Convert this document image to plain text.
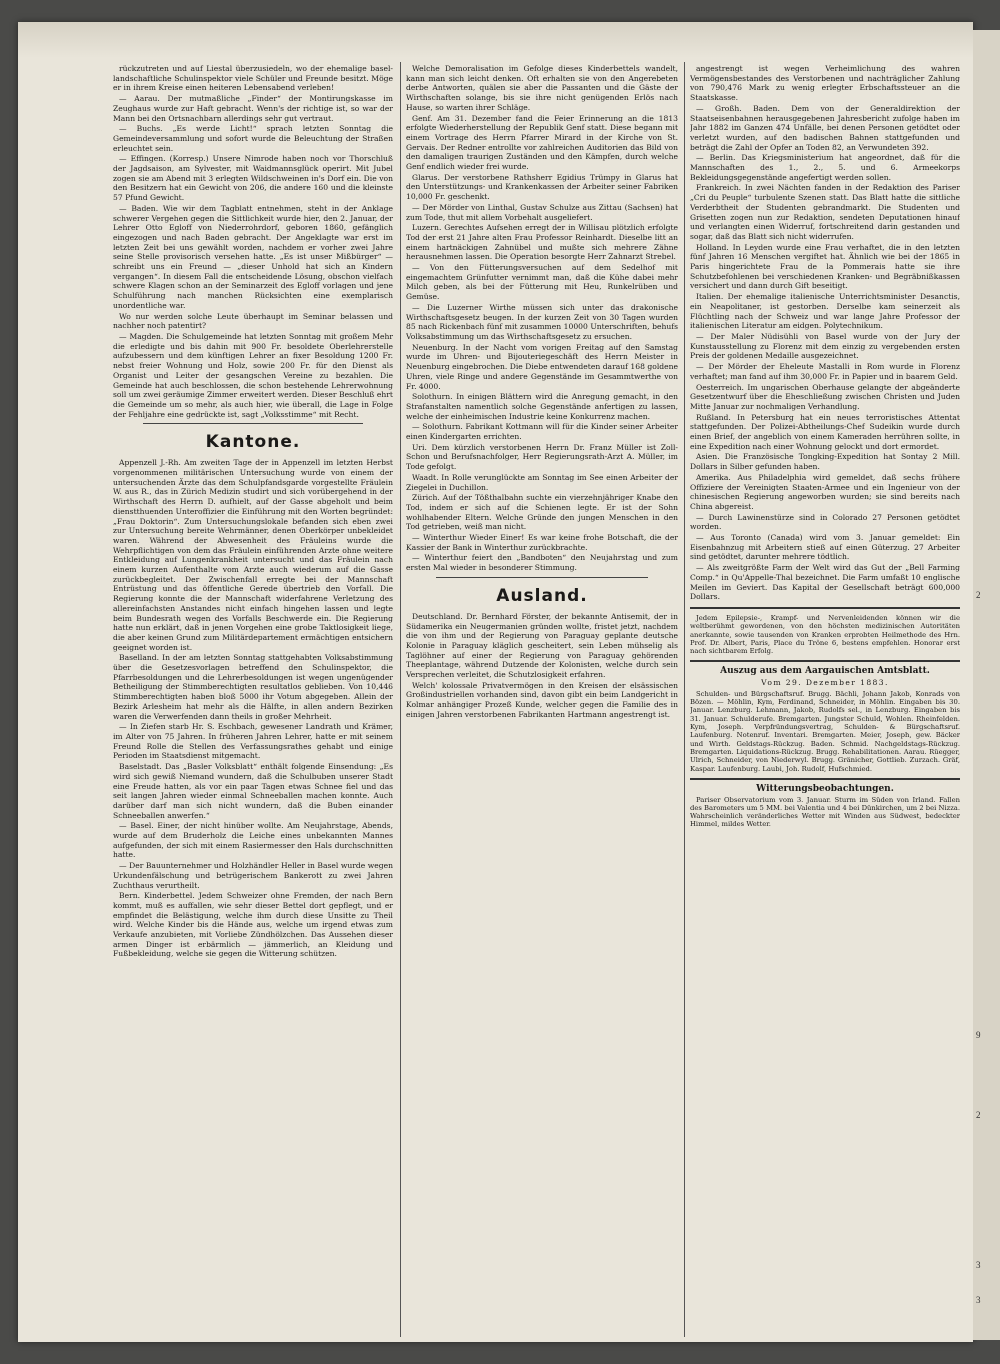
rückzutreten und auf Liestal überzusiedeln, wo der ehemalige basel-landschaftliche Schulinspektor viele Schüler und Freunde besitzt. Möge er in ihrem Kreise einen heiteren Lebensabend verleben!

— Aarau. Der mutmaßliche „Finder“ der Montirungskasse im Zeughaus wurde zur Haft gebracht. Wenn's der richtige ist, so war der Mann bei den Ortsnachbarn allerdings sehr gut vertraut.

— Buchs. „Es werde Licht!“ sprach letzten Sonntag die Gemeindeversammlung und sofort wurde die Beleuchtung der Straßen erleuchtet sein.

— Effingen. (Korresp.) Unsere Nimrode haben noch vor Thorschluß der Jagdsaison, am Sylvester, mit Waidmannsglück operirt. Mit Jubel zogen sie am Abend mit 3 erlegten Wildschweinen in's Dorf ein. Die von den Besitzern hat ein Gewicht von 206, die andere 160 und die kleinste 57 Pfund Gewicht.

— Baden. Wie wir dem Tagblatt entnehmen, steht in der Anklage schwerer Vergehen gegen die Sittlichkeit wurde hier, den 2. Januar, der Lehrer Otto Egloff von Niederrohrdorf, geboren 1860, gefänglich eingezogen und nach Baden gebracht. Der Angeklagte war erst im letzten Zeit bei uns gewählt worden, nachdem er vorher zwei Jahre seine Stelle provisorisch versehen hatte. „Es ist unser Mißbürger“ — schreibt uns ein Freund — „dieser Unhold hat sich an Kindern vergangen“. In diesem Fall die entscheidende Lösung, obschon vielfach schwere Klagen schon an der Seminarzeit des Egloff vorlagen und jene Schulführung nach manchen Rücksichten eine exemplarisch unordentliche war.

Wo nur werden solche Leute überhaupt im Seminar belassen und nachher noch patentirt?

— Magden. Die Schulgemeinde hat letzten Sonntag mit großem Mehr die erledigte und bis dahin mit 900 Fr. besoldete Oberlehrerstelle aufzubessern und dem künftigen Lehrer an fixer Besoldung 1200 Fr. nebst freier Wohnung und Holz, sowie 200 Fr. für den Dienst als Organist und Leiter der gesangschen Vereine zu bezahlen. Die Gemeinde hat auch beschlossen, die schon bestehende Lehrerwohnung soll um zwei geräumige Zimmer erweitert werden. Dieser Beschluß ehrt die Gemeinde um so mehr, als auch hier, wie überall, die Lage in Folge der Fehljahre eine gedrückte ist, sagt „Volksstimme“ mit Recht.

Kantone.

Appenzell J.-Rh. Am zweiten Tage der in Appenzell im letzten Herbst vorgenommenen militärischen Untersuchung wurde von einem der untersuchenden Ärzte das dem Schulpfandsgarde vorgestellte Fräulein W. aus R., das in Zürich Medizin studirt und sich vorübergehend in der Wirthschaft des Herrn D. aufhielt, auf der Gasse abgeholt und beim dienstthuenden Unteroffizier die Einführung mit den Worten begründet: „Frau Doktorin“. Zum Untersuchungslokale befanden sich eben zwei zur Untersuchung bereite Wehrmänner, denen Oberkörper unbekleidet waren. Während der Abwesenheit des Fräuleins wurde die Wehrpflichtigen von dem das Fräulein einführenden Arzte ohne weitere Entkleidung auf Lungenkrankheit untersucht und das Fräulein nach einem kurzen Aufenthalte vom Arzte auch wiederum auf die Gasse zurückbegleitet. Der Zwischenfall erregte bei der Mannschaft Entrüstung und das öffentliche Gerede übertrieb den Vorfall. Die Regierung konnte die der Mannschaft widerfahrene Verletzung des allereinfachsten Anstandes nicht einfach hingehen lassen und legte beim Bundesrath wegen des Vorfalls Beschwerde ein. Die Regierung hatte nun erklärt, daß in jenen Vorgehen eine grobe Taktlosigkeit liege, die aber keinen Grund zum Militärdepartement ermächtigen entsichern geeignet worden ist.

Baselland. In der am letzten Sonntag stattgehabten Volksabstimmung über die Gesetzesvorlagen betreffend den Schulinspektor, die Pfarrbesoldungen und die Lehrerbesoldungen ist wegen ungenügender Betheiligung der Stimmberechtigten resultatlos geblieben. Von 10,446 Stimmberechtigten haben bloß 5000 ihr Votum abgegeben. Allein der Bezirk Arlesheim hat mehr als die Hälfte, in allen andern Bezirken waren die Verwerfenden dann theils in großer Mehrheit.

— In Ziefen starb Hr. S. Eschbach, gewesener Landrath und Krämer, im Alter von 75 Jahren. In früheren Jahren Lehrer, hatte er mit seinem Freund Rolle die Stellen des Verfassungsrathes gehabt und einige Perioden im Staatsdienst mitgemacht.

Baselstadt. Das „Basler Volksblatt“ enthält folgende Einsendung: „Es wird sich gewiß Niemand wundern, daß die Schulbuben unserer Stadt eine Freude hatten, als vor ein paar Tagen etwas Schnee fiel und das seit langen Jahren wieder einmal Schneeballen machen konnte. Auch darüber darf man sich nicht wundern, daß die Buben einander Schneeballen anwerfen.“

— Basel. Einer, der nicht hinüber wollte. Am Neujahrstage, Abends, wurde auf dem Bruderholz die Leiche eines unbekannten Mannes aufgefunden, der sich mit einem Rasiermesser den Hals durchschnitten hatte.

— Der Bauunternehmer und Holzhändler Heller in Basel wurde wegen Urkundenfälschung und betrügerischem Bankerott zu zwei Jahren Zuchthaus verurtheilt.

Bern. Kinderbettel. Jedem Schweizer ohne Fremden, der nach Bern kommt, muß es auffallen, wie sehr dieser Bettel dort gepflegt, und er empfindet die Belästigung, welche ihm durch diese Unsitte zu Theil wird. Welche Kinder bis die Hände aus, welche um irgend etwas zum Verkaufe anzubieten, mit Vorliebe Zündhölzchen. Das Aussehen dieser armen Dinger ist erbärmlich — jämmerlich, an Kleidung und Fußbekleidung, welche sie gegen die Witterung schützen.

Welche Demoralisation im Gefolge dieses Kinderbettels wandelt, kann man sich leicht denken. Oft erhalten sie von den Angerebeten derbe Antworten, quälen sie aber die Passanten und die Gäste der Wirthschaften solange, bis sie ihre nicht genügenden Erlös nach Hause, so warten ihrer Schläge.

Genf. Am 31. Dezember fand die Feier Erinnerung an die 1813 erfolgte Wiederherstellung der Republik Genf statt. Diese begann mit einem Vortrage des Herrn Pfarrer Mirard in der Kirche von St. Gervais. Der Redner entrollte vor zahlreichen Auditorien das Bild von den damaligen traurigen Zuständen und den Kämpfen, durch welche Genf endlich wieder frei wurde.

Glarus. Der verstorbene Rathsherr Egidius Trümpy in Glarus hat den Unterstützungs- und Krankenkassen der Arbeiter seiner Fabriken 10,000 Fr. geschenkt.

— Der Mörder von Linthal, Gustav Schulze aus Zittau (Sachsen) hat zum Tode, thut mit allem Vorbehalt ausgeliefert.

Luzern. Gerechtes Aufsehen erregt der in Willisau plötzlich erfolgte Tod der erst 21 Jahre alten Frau Professor Reinhardt. Dieselbe litt an einem hartnäckigen Zahnübel und mußte sich mehrere Zähne herausnehmen lassen. Die Operation besorgte Herr Zahnarzt Strebel.

— Von den Fütterungsversuchen auf dem Sedelhof mit eingemachtem Grünfutter vernimmt man, daß die Kühe dabei mehr Milch geben, als bei der Fütterung mit Heu, Runkelrüben und Gemüse.

— Die Luzerner Wirthe müssen sich unter das drakonische Wirthschaftsgesetz beugen. In der kurzen Zeit von 30 Tagen wurden 85 nach Rickenbach fünf mit zusammen 10000 Unterschriften, behufs Volksabstimmung um das Wirthschaftsgesetz zu ersuchen.

Neuenburg. In der Nacht vom vorigen Freitag auf den Samstag wurde im Uhren- und Bijouteriegeschäft des Herrn Meister in Neuenburg eingebrochen. Die Diebe entwendeten darauf 168 goldene Uhren, viele Ringe und andere Gegenstände im Gesammtwerthe von Fr. 4000.

Solothurn. In einigen Blättern wird die Anregung gemacht, in den Strafanstalten namentlich solche Gegenstände anfertigen zu lassen, welche der einheimischen Industrie keine Konkurrenz machen.

— Solothurn. Fabrikant Kottmann will für die Kinder seiner Arbeiter einen Kindergarten errichten.

Uri. Dem kürzlich verstorbenen Herrn Dr. Franz Müller ist Zoll-Schon und Berufsnachfolger, Herr Regierungsrath-Arzt A. Müller, im Tode gefolgt.

Waadt. In Rolle verunglückte am Sonntag im See einen Arbeiter der Ziegelei in Duchillon.

Zürich. Auf der Tößthalbahn suchte ein vierzehnjähriger Knabe den Tod, indem er sich auf die Schienen legte. Er ist der Sohn wohlhabender Eltern. Welche Gründe den jungen Menschen in den Tod getrieben, weiß man nicht.

— Winterthur Wieder Einer! Es war keine frohe Botschaft, die der Kassier der Bank in Winterthur zurückbrachte.

— Winterthur feiert den „Bandboten“ den Neujahrstag und zum ersten Mal wieder in besonderer Stimmung.

Ausland.

Deutschland. Dr. Bernhard Förster, der bekannte Antisemit, der in Südamerika ein Neugermanien gründen wollte, fristet jetzt, nachdem die von ihm und der Regierung von Paraguay geplante deutsche Kolonie in Paraguay kläglich gescheitert, sein Leben mühselig als Taglöhner auf einer der Regierung von Paraguay gehörenden Theeplantage, während Dutzende der Kolonisten, welche durch sein Versprechen verleitet, die Schutzlosigkeit erfahren.

Welch' kolossale Privatvermögen in den Kreisen der elsässischen Großindustriellen vorhanden sind, davon gibt ein beim Landgericht in Kolmar anhängiger Prozeß Kunde, welcher gegen die Familie des in einigen Jahren verstorbenen Fabrikanten Hartmann angestrengt ist.

angestrengt ist wegen Verheimlichung des wahren Vermögensbestandes des Verstorbenen und nachträglicher Zahlung von 790,476 Mark zu wenig erlegter Erbschaftssteuer an die Staatskasse.

— Großh. Baden. Dem von der Generaldirektion der Staatseisenbahnen herausgegebenen Jahresbericht zufolge haben im Jahr 1882 im Ganzen 474 Unfälle, bei denen Personen getödtet oder verletzt wurden, auf den badischen Bahnen stattgefunden und beträgt die Zahl der Opfer an Toden 82, an Verwundeten 392.

— Berlin. Das Kriegsministerium hat angeordnet, daß für die Mannschaften des 1., 2., 5. und 6. Armeekorps Bekleidungsgegenstände angefertigt werden sollen.

Frankreich. In zwei Nächten fanden in der Redaktion des Pariser „Cri du Peuple“ turbulente Szenen statt. Das Blatt hatte die sittliche Verderbtheit der Studenten gebrandmarkt. Die Studenten und Grisetten zogen nun zur Redaktion, sendeten Deputationen hinauf und verlangten einen Widerruf, fortschreitend darin gestanden und sogar, daß das Blatt sich nicht widerrufen.

Holland. In Leyden wurde eine Frau verhaftet, die in den letzten fünf Jahren 16 Menschen vergiftet hat. Ähnlich wie bei der 1865 in Paris hingerichtete Frau de la Pommerais hatte sie ihre Schutzbefohlenen bei verschiedenen Kranken- und Begräbnißkassen versichert und dann durch Gift beseitigt.

Italien. Der ehemalige italienische Unterrichtsminister Desanctis, ein Neapolitaner, ist gestorben. Derselbe kam seinerzeit als Flüchtling nach der Schweiz und war lange Jahre Professor der italienischen Literatur am eidgen. Polytechnikum.

— Der Maler Nüdisühli von Basel wurde von der Jury der Kunstausstellung zu Florenz mit dem einzig zu vergebenden ersten Preis der goldenen Medaille ausgezeichnet.

— Der Mörder der Eheleute Mastalli in Rom wurde in Florenz verhaftet; man fand auf ihm 30,000 Fr. in Papier und in baarem Geld.

Oesterreich. Im ungarischen Oberhause gelangte der abgeänderte Gesetzentwurf über die Eheschließung zwischen Christen und Juden Mitte Januar zur nochmaligen Verhandlung.

Rußland. In Petersburg hat ein neues terroristisches Attentat stattgefunden. Der Polizei-Abtheilungs-Chef Sudeikin wurde durch einen Brief, der angeblich von einem Kameraden herrühren sollte, in eine Expedition nach einer Wohnung gelockt und dort ermordet.

Asien. Die Französische Tongking-Expedition hat Sontay 2 Mill. Dollars in Silber gefunden haben.

Amerika. Aus Philadelphia wird gemeldet, daß sechs frühere Offiziere der Vereinigten Staaten-Armee und ein Ingenieur von der chinesischen Regierung angeworben wurden; sie sind bereits nach China abgereist.

— Durch Lawinenstürze sind in Colorado 27 Personen getödtet worden.

— Aus Toronto (Canada) wird vom 3. Januar gemeldet: Ein Eisenbahnzug mit Arbeitern stieß auf einen Güterzug. 27 Arbeiter sind getödtet, darunter mehrere tödtlich.

— Als zweitgrößte Farm der Welt wird das Gut der „Bell Farming Comp.“ in Qu'Appelle-Thal bezeichnet. Die Farm umfaßt 10 englische Meilen im Geviert. Das Kapital der Gesellschaft beträgt 600,000 Dollars.

Jedem Epilepsie-, Krampf- und Nervenleidenden können wir die weltberühmt gewordenen, von den höchsten medizinischen Autoritäten anerkannte, sowie tausenden von Kranken erprobten Heilmethode des Hrn. Prof. Dr. Albert, Paris, Place du Trône 6, bestens empfehlen. Honorar erst nach sichtbarem Erfolg.

Auszug aus dem Aargauischen Amtsblatt.
Vom 29. Dezember 1883.

Schulden- und Bürgschaftsruf. Brugg. Bächli, Johann Jakob, Konrads von Bözen. — Möhlin, Kym, Ferdinand, Schneider, in Möhlin. Eingaben bis 30. Januar. Lenzburg. Lehmann, Jakob, Rudolfs sel., in Lenzburg. Eingaben bis 31. Januar. Schulderufe. Bremgarten. Jungster Schuld, Wohlen. Rheinfelden. Kym, Joseph. Verpfründungsvertrag, Schulden- & Bürgschaftsruf. Laufenburg. Notenruf. Inventari. Bremgarten. Meier, Joseph, gew. Bäcker und Wirth. Geldstags-Rückzug. Baden. Schmid. Nachgeldstags-Rückzug. Bremgarten. Liquidations-Rückzug. Brugg. Rehabilitationen. Aarau. Rüegger, Ulrich, Schneider, von Niederwyl. Brugg. Gränicher, Gottlieb. Zurzach. Gräf, Kaspar. Laufenburg. Laubi, Joh. Rudolf, Hufschmied.

Witterungsbeobachtungen.

Pariser Observatorium vom 3. Januar. Sturm im Süden von Irland. Fallen des Barometers um 5 MM. bei Valentia und 4 bei Dünkirchen, um 2 bei Nizza. Wahrscheinlich veränderliches Wetter mit Winden aus Südwest, bedeckter Himmel, mildes Wetter.

2
9
2
3
3
